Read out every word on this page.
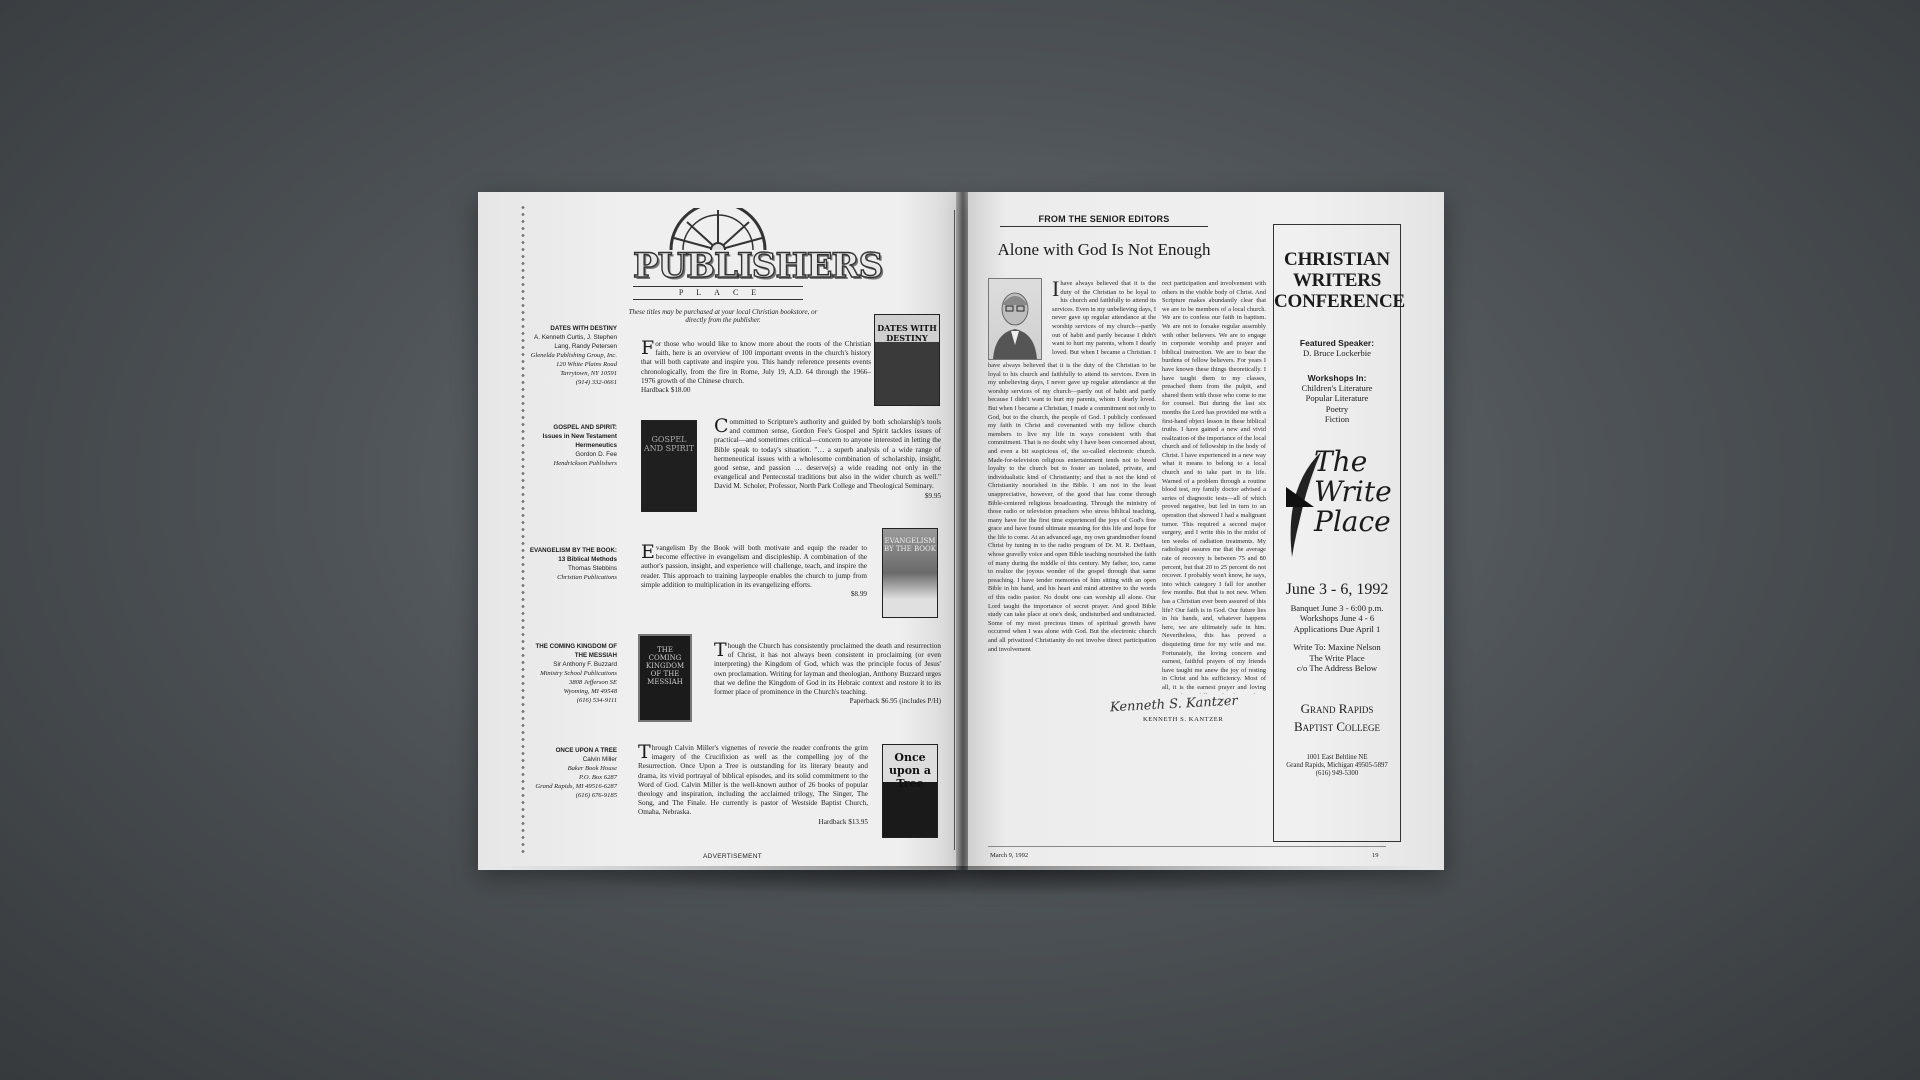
PUBLISHERS
PLACE
These titles may be purchased at your local Christian bookstore, or directly from the publisher.
DATES WITH DESTINY
A. Kenneth Curtis, J. Stephen Lang, Randy Petersen
Glenelda Publishing Group, Inc.
120 White Plains Road
Tarrytown, NY 10591
(914) 332-0661
For those who would like to know more about the roots of the Christian faith, here is an overview of 100 important events in the church's history that will both captivate and inspire you. This handy reference presents events chronologically, from the fire in Rome, July 19, A.D. 64 through the 1966–1976 growth of the Chinese church.
Hardback $18.00
DATES WITH DESTINY
GOSPEL AND SPIRIT:
Issues in New Testament Hermeneutics
Gordon D. Fee
Hendrickson Publishers
GOSPEL AND SPIRIT
Committed to Scripture's authority and guided by both scholarship's tools and common sense, Gordon Fee's Gospel and Spirit tackles issues of practical—and sometimes critical—concern to anyone interested in letting the Bible speak to today's situation. "… a superb analysis of a wide range of hermeneutical issues with a wholesome combination of scholarship, insight, good sense, and passion … deserve(s) a wide reading not only in the evangelical and Pentecostal traditions but also in the wider church as well." David M. Scholer, Professor, North Park College and Theological Seminary.
$9.95
EVANGELISM BY THE BOOK:
13 Biblical Methods
Thomas Stebbins
Christian Publications
Evangelism By the Book will both motivate and equip the reader to become effective in evangelism and discipleship. A combination of the author's passion, insight, and experience will challenge, teach, and inspire the reader. This approach to training laypeople enables the church to jump from simple addition to multiplication in its evangelizing efforts.
$8.99
EVANGELISM BY THE BOOK
THE COMING KINGDOM OF THE MESSIAH
Sir Anthony F. Buzzard
Ministry School Publications
3808 Jefferson SE
Wyoming, MI 49548
(616) 534-9111
THE COMING KINGDOM OF THE MESSIAH
Though the Church has consistently proclaimed the death and resurrection of Christ, it has not always been consistent in proclaiming (or even interpreting) the Kingdom of God, which was the principle focus of Jesus' own proclamation. Writing for layman and theologian, Anthony Buzzard urges that we define the Kingdom of God in its Hebraic context and restore it to its former place of prominence in the Church's teaching.
Paperback $6.95 (includes P/H)
ONCE UPON A TREE
Calvin Miller
Baker Book House
P.O. Box 6287
Grand Rapids, MI 49516-6287
(616) 676-9185
Through Calvin Miller's vignettes of reverie the reader confronts the grim imagery of the Crucifixion as well as the compelling joy of the Resurrection. Once Upon a Tree is outstanding for its literary beauty and drama, its vivid portrayal of biblical episodes, and its solid commitment to the Word of God. Calvin Miller is the well-known author of 26 books of popular theology and inspiration, including the acclaimed trilogy, The Singer, The Song, and The Finale. He currently is pastor of Westside Baptist Church, Omaha, Nebraska.
Hardback $13.95
Once upon a Tree
ADVERTISEMENT
FROM THE SENIOR EDITORS
Alone with God Is Not Enough
Ihave always believed that it is the duty of the Christian to be loyal to his church and faithfully to attend its services. Even in my unbelieving days, I never gave up regular attendance at the worship services of my church—partly out of habit and partly because I didn't want to hurt my parents, whom I dearly loved. But when I became a Christian, I
have always believed that it is the duty of the Christian to be loyal to his church and faithfully to attend its services. Even in my unbelieving days, I never gave up regular attendance at the worship services of my church—partly out of habit and partly because I didn't want to hurt my parents, whom I dearly loved. But when I became a Christian, I made a commitment not only to God, but to the church, the people of God. I publicly confessed my faith in Christ and covenanted with my fellow church members to live my life in ways consistent with that commitment. That is no doubt why I have been concerned about, and even a bit suspicious of, the so-called electronic church. Made-for-television religious entertainment tends not to breed loyalty to the church but to foster an isolated, private, and individualistic kind of Christianity; and that is not the kind of Christianity nourished in the Bible. I am not in the least unappreciative, however, of the good that has come through Bible-centered religious broadcasting. Through the ministry of those radio or television preachers who stress biblical teaching, many have for the first time experienced the joys of God's free grace and have found ultimate meaning for this life and hope for the life to come. At an advanced age, my own grandmother found Christ by tuning in to the radio program of Dr. M. R. DeHaan, whose gravelly voice and open Bible teaching nourished the faith of many during the middle of this century. My father, too, came to realize the joyous wonder of the gospel through that same preaching. I have tender memories of him sitting with an open Bible in his hand, and his heart and mind attentive to the words of this radio pastor. No doubt one can worship all alone. Our Lord taught the importance of secret prayer. And good Bible study can take place at one's desk, undisturbed and undistracted. Some of my most precious times of spiritual growth have occurred when I was alone with God. But the electronic church and all privatized Christianity do not involve direct participation and involvement
rect participation and involvement with others in the visible body of Christ. And Scripture makes abundantly clear that we are to be members of a local church. We are to confess our faith in baptism. We are not to forsake regular assembly with other believers. We are to engage in corporate worship and prayer and biblical instruction. We are to bear the burdens of fellow believers. For years I have known these things theoretically. I have taught them to my classes, preached them from the pulpit, and shared them with those who come to me for counsel. But during the last six months the Lord has provided me with a first-hand object lesson in these biblical truths. I have gained a new and vivid realization of the importance of the local church and of fellowship in the body of Christ. I have experienced in a new way what it means to belong to a local church and to take part in its life. Warned of a problem through a routine blood test, my family doctor advised a series of diagnostic tests—all of which proved negative, but led in turn to an operation that showed I had a malignant tumor. This required a second major surgery, and I write this in the midst of ten weeks of radiation treatments. My radiologist assures me that the average rate of recovery is between 75 and 80 percent, but that 20 to 25 percent do not recover. I probably won't know, he says, into which category I fall for another few months. But that is not new. When has a Christian ever been assured of this life? Our faith is in God. Our future lies in his hands, and, whatever happens here, we are ultimately safe in him. Nevertheless, this has proved a disquieting time for my wife and me. Fortunately, the loving concern and earnest, faithful prayers of my friends have taught me anew the joy of resting in Christ and his sufficiency. Most of all, it is the earnest prayer and loving
Kenneth S. Kantzer
KENNETH S. KANTZER
March 9, 1992	19
CHRISTIAN WRITERS CONFERENCE
Featured Speaker:
D. Bruce Lockerbie
Workshops In:
Children's Literature
Popular Literature
Poetry
Fiction
The Write Place
June 3 - 6, 1992
Banquet June 3 - 6:00 p.m.
Workshops June 4 - 6
Applications Due April 1
Write To: Maxine Nelson
The Write Place
c/o The Address Below
Grand Rapids
Baptist College
1001 East Beltline NE
Grand Rapids, Michigan 49505-5897
(616) 949-5300
